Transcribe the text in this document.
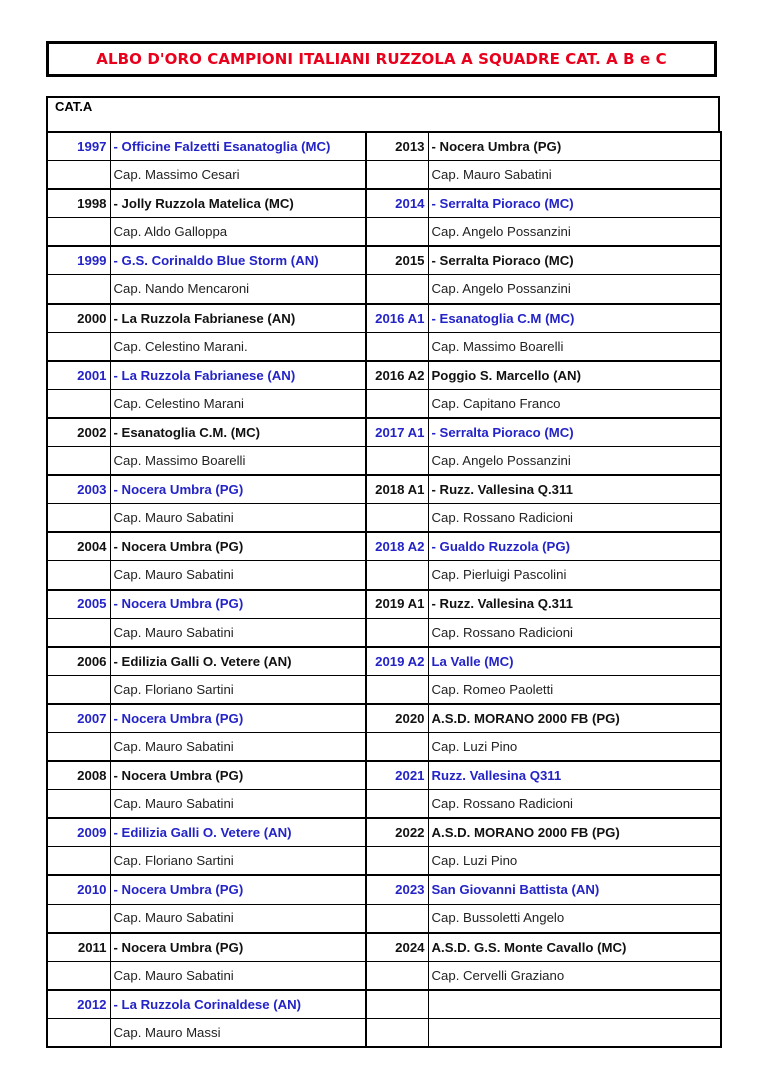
ALBO D'ORO CAMPIONI ITALIANI RUZZOLA A SQUADRE CAT. A B e C
CAT.A
1997	- Officine Falzetti Esanatoglia (MC)	2013	- Nocera Umbra (PG)
	Cap. Massimo Cesari		Cap. Mauro Sabatini
1998	- Jolly Ruzzola Matelica (MC)	2014	- Serralta Pioraco (MC)
	Cap. Aldo Galloppa		Cap. Angelo Possanzini
1999	- G.S. Corinaldo Blue Storm (AN)	2015	- Serralta Pioraco (MC)
	Cap. Nando Mencaroni		Cap. Angelo Possanzini
2000	- La Ruzzola Fabrianese (AN)	2016 A1	- Esanatoglia C.M (MC)
	Cap. Celestino Marani.		Cap. Massimo Boarelli
2001	- La Ruzzola Fabrianese (AN)	2016 A2	Poggio S. Marcello (AN)
	Cap. Celestino Marani		Cap. Capitano Franco
2002	- Esanatoglia C.M. (MC)	2017 A1	- Serralta Pioraco (MC)
	Cap. Massimo Boarelli		Cap. Angelo Possanzini
2003	- Nocera Umbra (PG)	2018 A1	- Ruzz. Vallesina Q.311
	Cap. Mauro Sabatini		Cap. Rossano Radicioni
2004	- Nocera Umbra (PG)	2018 A2	- Gualdo Ruzzola (PG)
	Cap. Mauro Sabatini		Cap. Pierluigi Pascolini
2005	- Nocera Umbra (PG)	2019 A1	- Ruzz. Vallesina Q.311
	Cap. Mauro Sabatini		Cap. Rossano Radicioni
2006	- Edilizia Galli O. Vetere (AN)	2019 A2	La Valle (MC)
	Cap. Floriano Sartini		Cap. Romeo Paoletti
2007	- Nocera Umbra (PG)	2020	A.S.D. MORANO 2000 FB (PG)
	Cap. Mauro Sabatini		Cap. Luzi Pino
2008	- Nocera Umbra (PG)	2021	Ruzz. Vallesina Q311
	Cap. Mauro Sabatini		Cap. Rossano Radicioni
2009	- Edilizia Galli O. Vetere (AN)	2022	A.S.D. MORANO 2000 FB (PG)
	Cap. Floriano Sartini		Cap. Luzi Pino
2010	- Nocera Umbra (PG)	2023	San Giovanni Battista (AN)
	Cap. Mauro Sabatini		Cap. Bussoletti Angelo
2011	- Nocera Umbra (PG)	2024	A.S.D. G.S. Monte Cavallo (MC)
	Cap. Mauro Sabatini		Cap. Cervelli Graziano
2012	- La Ruzzola Corinaldese (AN)		
	Cap. Mauro Massi		
